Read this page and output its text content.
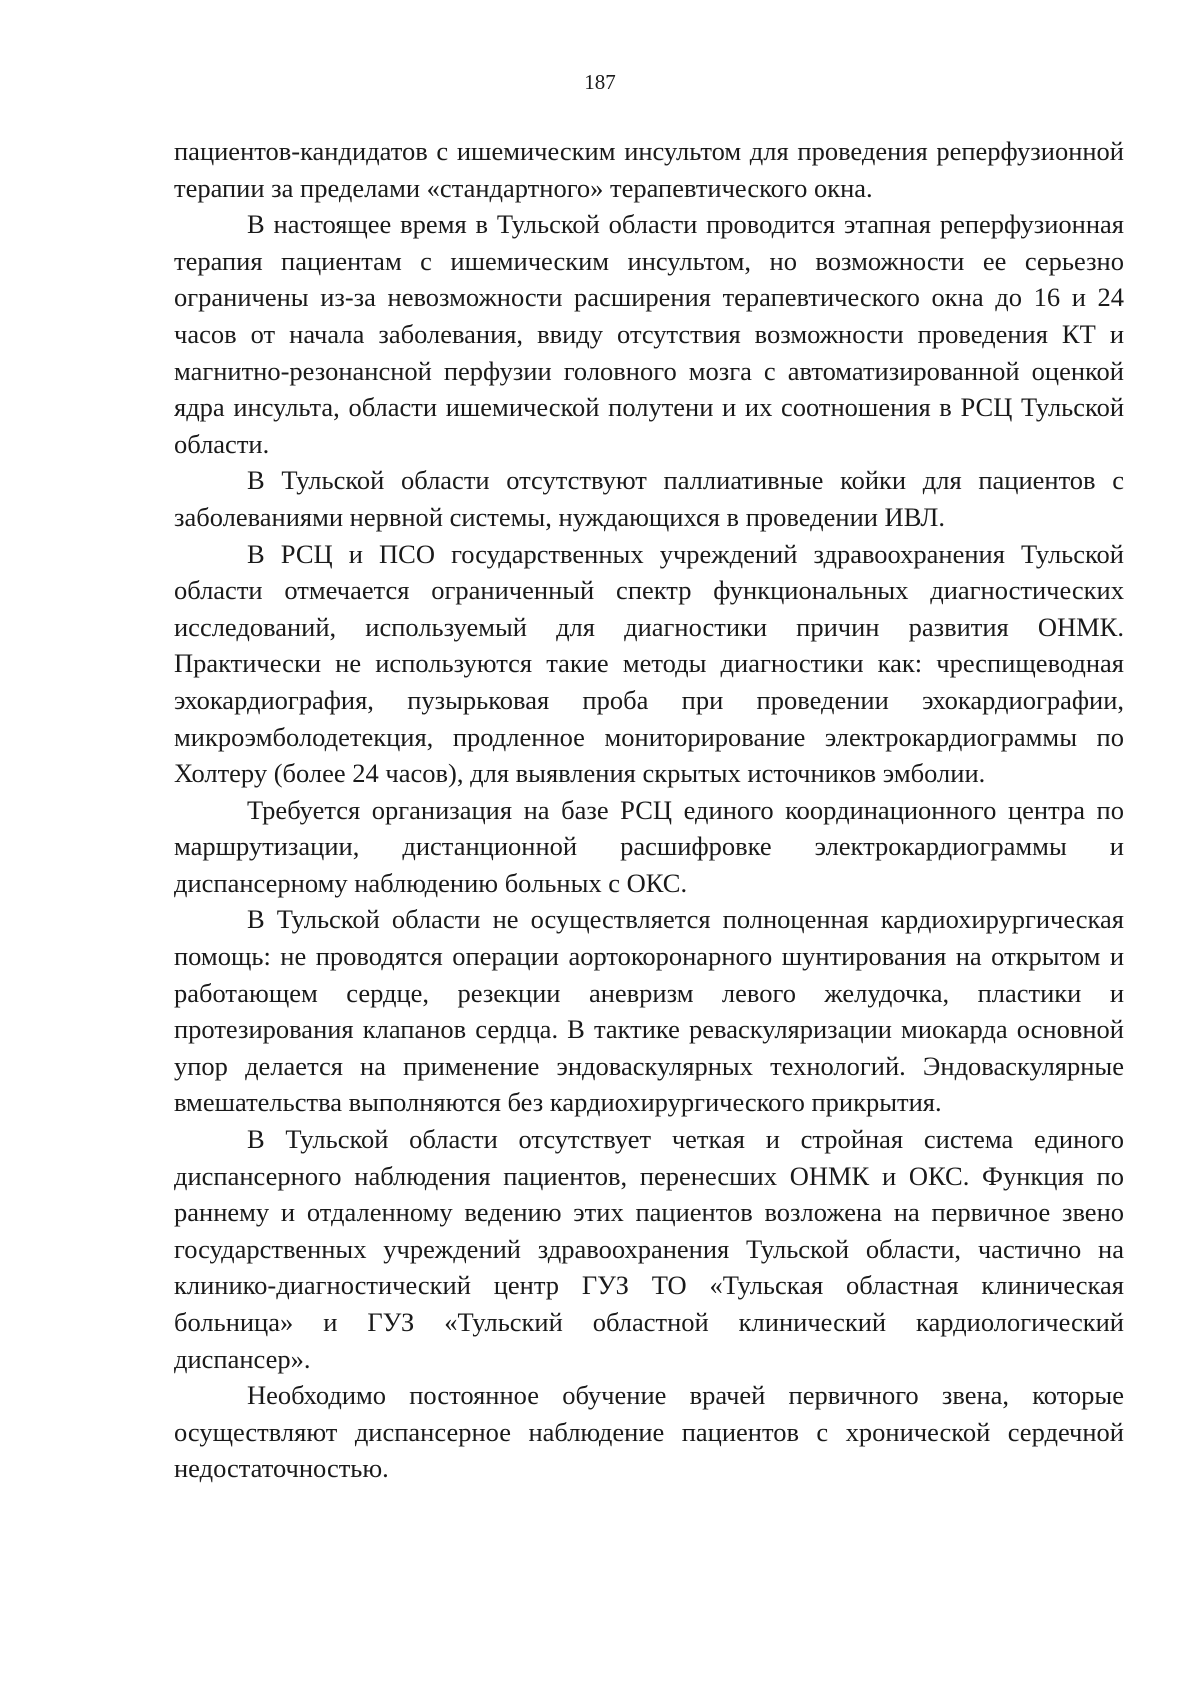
187

пациентов-кандидатов с ишемическим инсультом для проведения реперфузионной терапии за пределами «стандартного» терапевтического окна.

В настоящее время в Тульской области проводится этапная реперфузионная терапия пациентам с ишемическим инсультом, но возможности ее серьезно ограничены из-за невозможности расширения терапевтического окна до 16 и 24 часов от начала заболевания, ввиду отсутствия возможности проведения КТ и магнитно-резонансной перфузии головного мозга с автоматизированной оценкой ядра инсульта, области ишемической полутени и их соотношения в РСЦ Тульской области.

В Тульской области отсутствуют паллиативные койки для пациентов с заболеваниями нервной системы, нуждающихся в проведении ИВЛ.

В РСЦ и ПСО государственных учреждений здравоохранения Тульской области отмечается ограниченный спектр функциональных диагностических исследований, используемый для диагностики причин развития ОНМК. Практически не используются такие методы диагностики как: чреспищеводная эхокардиография, пузырьковая проба при проведении эхокардиографии, микроэмболодетекция, продленное мониторирование электрокардиограммы по Холтеру (более 24 часов), для выявления скрытых источников эмболии.

Требуется организация на базе РСЦ единого координационного центра по маршрутизации, дистанционной расшифровке электрокардиограммы и диспансерному наблюдению больных с ОКС.

В Тульской области не осуществляется полноценная кардиохирургическая помощь: не проводятся операции аортокоронарного шунтирования на открытом и работающем сердце, резекции аневризм левого желудочка, пластики и протезирования клапанов сердца. В тактике реваскуляризации миокарда основной упор делается на применение эндоваскулярных технологий. Эндоваскулярные вмешательства выполняются без кардиохирургического прикрытия.

В Тульской области отсутствует четкая и стройная система единого диспансерного наблюдения пациентов, перенесших ОНМК и ОКС. Функция по раннему и отдаленному ведению этих пациентов возложена на первичное звено государственных учреждений здравоохранения Тульской области, частично на клинико-диагностический центр ГУЗ ТО «Тульская областная клиническая больница» и ГУЗ «Тульский областной клинический кардиологический диспансер».

Необходимо постоянное обучение врачей первичного звена, которые осуществляют диспансерное наблюдение пациентов с хронической сердечной недостаточностью.
